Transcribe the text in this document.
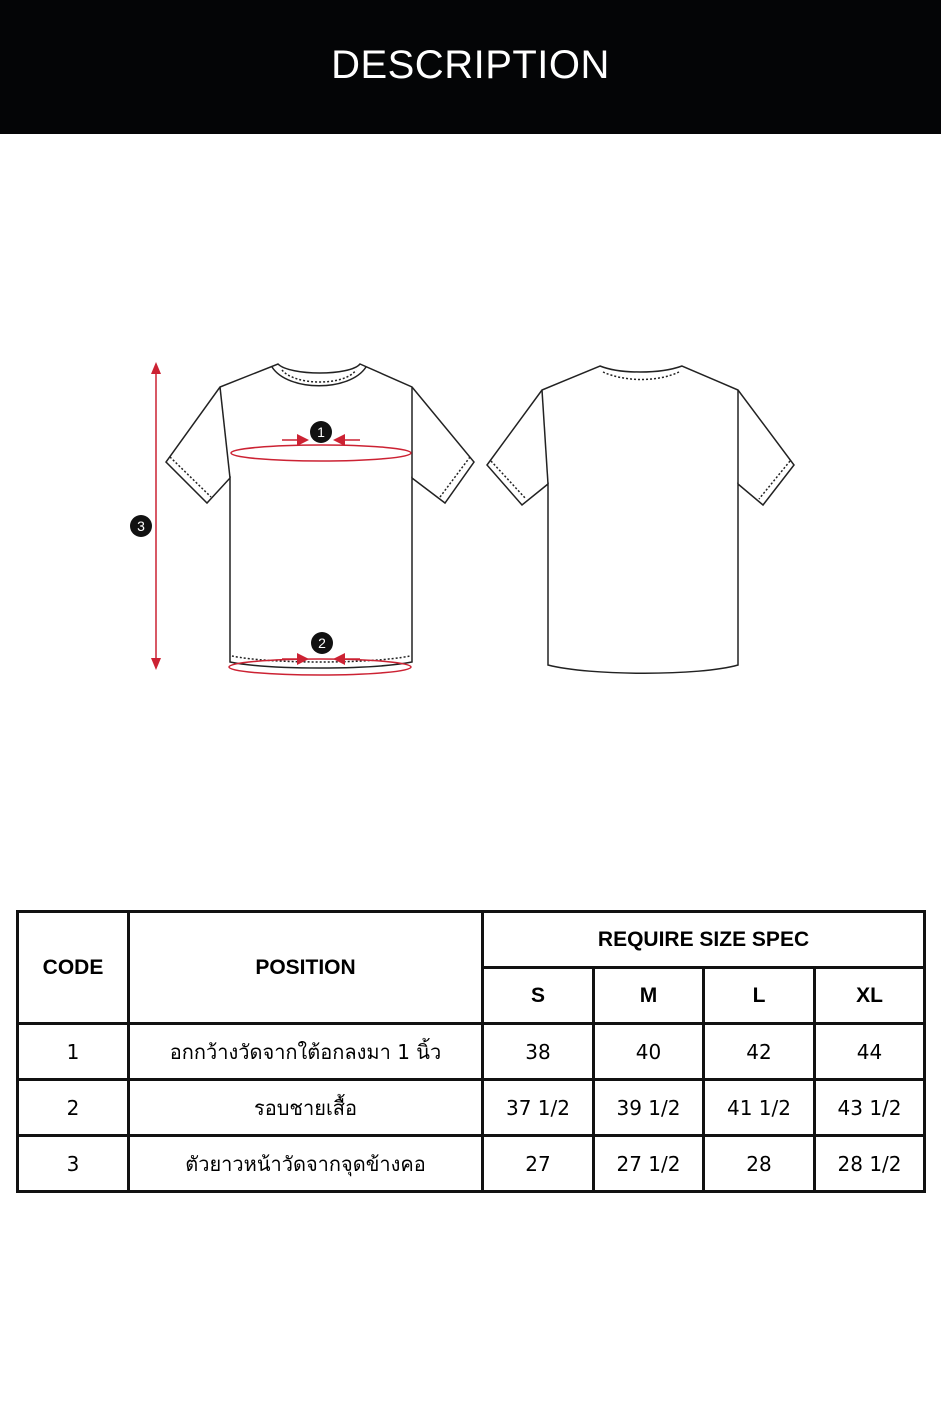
DESCRIPTION
1
2
3
CODE	POSITION	REQUIRE SIZE SPEC			
		S	M	L	XL
1	อกกว้างวัดจากใต้อกลงมา 1 นิ้ว	38	40	42	44
2	รอบชายเสื้อ	37 1/2	39 1/2	41 1/2	43 1/2
3	ตัวยาวหน้าวัดจากจุดข้างคอ	27	27 1/2	28	28 1/2
